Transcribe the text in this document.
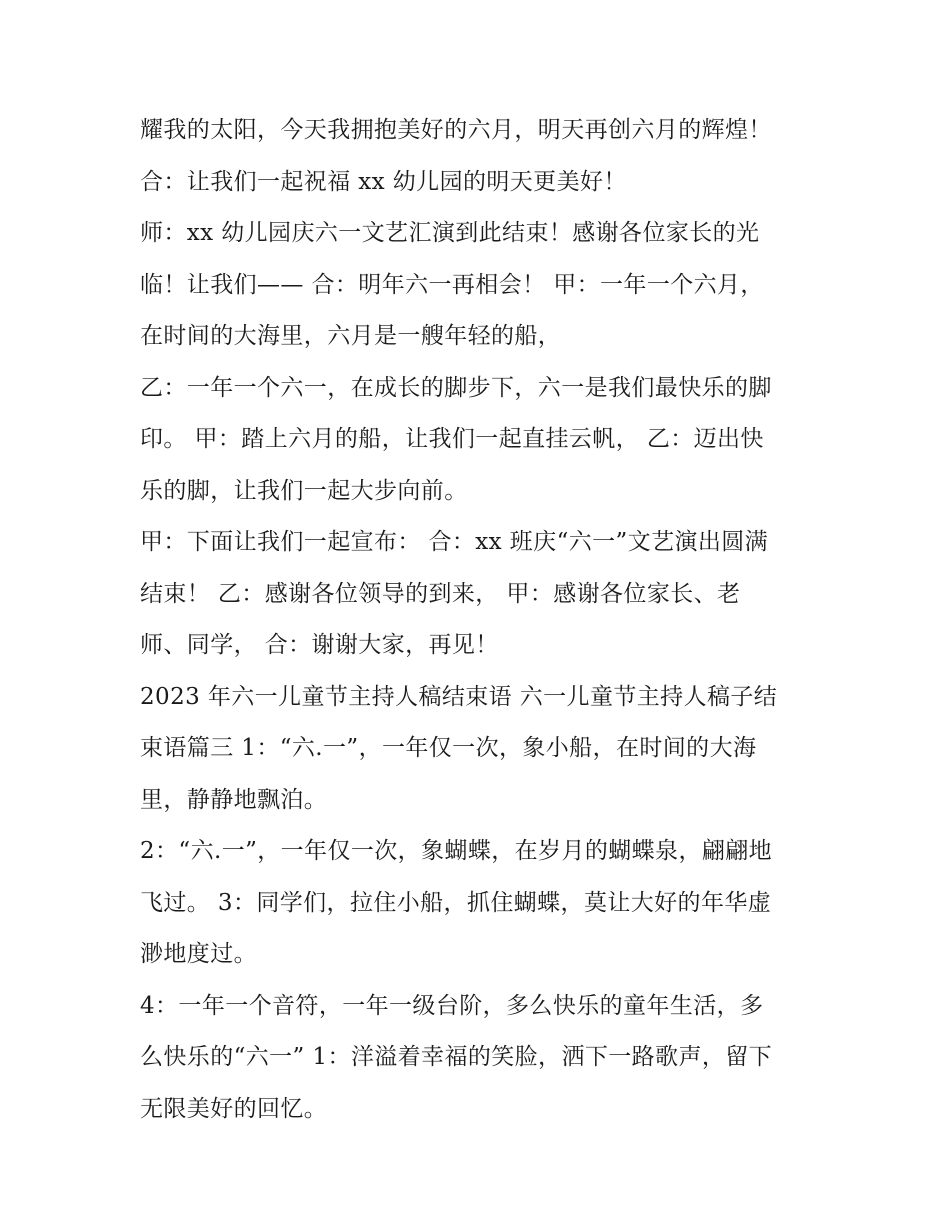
耀我的太阳，今天我拥抱美好的六月，明天再创六月的辉煌！
合：让我们一起祝福 xx 幼儿园的明天更美好！
师：xx 幼儿园庆六一文艺汇演到此结束！感谢各位家长的光
临！让我们—— 合：明年六一再相会！ 甲：一年一个六月，
在时间的大海里，六月是一艘年轻的船，
乙：一年一个六一，在成长的脚步下，六一是我们最快乐的脚
印。 甲：踏上六月的船，让我们一起直挂云帆， 乙：迈出快
乐的脚，让我们一起大步向前。
甲：下面让我们一起宣布： 合：xx 班庆“六一”文艺演出圆满
结束！ 乙：感谢各位领导的到来， 甲：感谢各位家长、老
师、同学， 合：谢谢大家，再见！
2023 年六一儿童节主持人稿结束语 六一儿童节主持人稿子结
束语篇三 1：“六.一”，一年仅一次，象小船，在时间的大海
里，静静地飘泊。
2：“六.一”，一年仅一次，象蝴蝶，在岁月的蝴蝶泉，翩翩地
飞过。 3：同学们，拉住小船，抓住蝴蝶，莫让大好的年华虚
渺地度过。
4：一年一个音符，一年一级台阶，多么快乐的童年生活，多
么快乐的“六一” 1：洋溢着幸福的笑脸，洒下一路歌声，留下
无限美好的回忆。
